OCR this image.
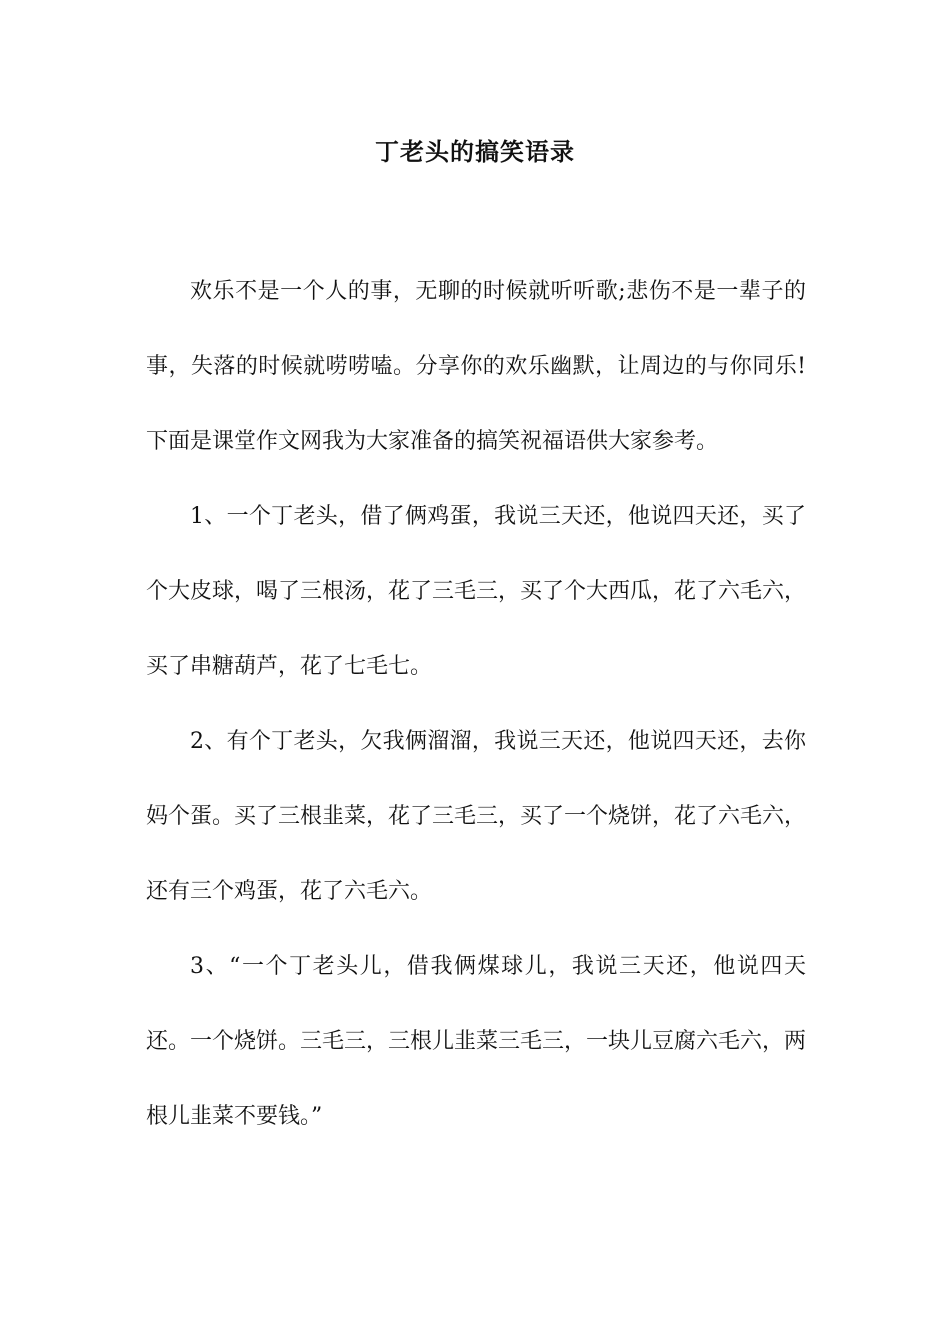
丁老头的搞笑语录

欢乐不是一个人的事，无聊的时候就听听歌;悲伤不是一辈子的事，失落的时候就唠唠嗑。分享你的欢乐幽默，让周边的与你同乐!下面是课堂作文网我为大家准备的搞笑祝福语供大家参考。

1、一个丁老头，借了俩鸡蛋，我说三天还，他说四天还，买了个大皮球，喝了三根汤，花了三毛三，买了个大西瓜，花了六毛六，买了串糖葫芦，花了七毛七。

2、有个丁老头，欠我俩溜溜，我说三天还，他说四天还，去你妈个蛋。买了三根韭菜，花了三毛三，买了一个烧饼，花了六毛六，还有三个鸡蛋，花了六毛六。

3、“一个丁老头儿，借我俩煤球儿，我说三天还，他说四天还。一个烧饼。三毛三，三根儿韭菜三毛三，一块儿豆腐六毛六，两根儿韭菜不要钱。”
